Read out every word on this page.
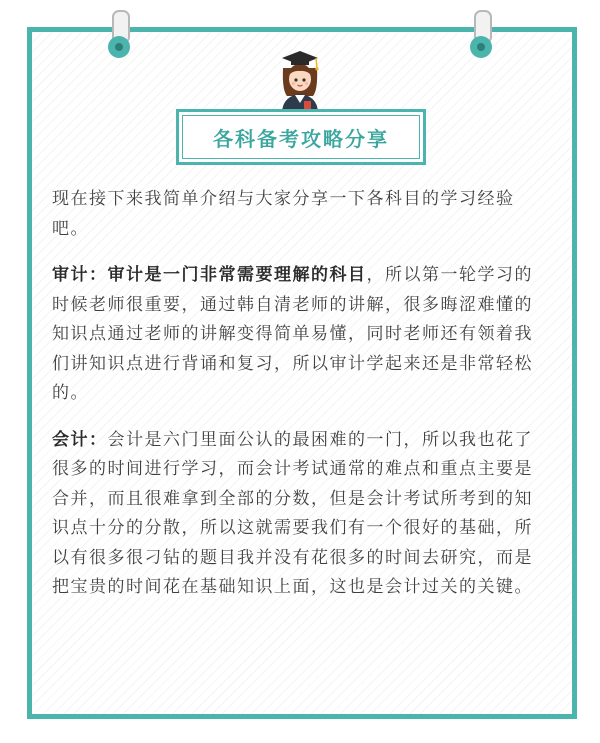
各科备考攻略分享

现在接下来我简单介绍与大家分享一下各科目的学习经验吧。

审计：审计是一门非常需要理解的科目，所以第一轮学习的时候老师很重要，通过韩自清老师的讲解，很多晦涩难懂的知识点通过老师的讲解变得简单易懂，同时老师还有领着我们讲知识点进行背诵和复习，所以审计学起来还是非常轻松的。

会计：会计是六门里面公认的最困难的一门，所以我也花了很多的时间进行学习，而会计考试通常的难点和重点主要是合并，而且很难拿到全部的分数，但是会计考试所考到的知识点十分的分散，所以这就需要我们有一个很好的基础，所以有很多很刁钻的题目我并没有花很多的时间去研究，而是把宝贵的时间花在基础知识上面，这也是会计过关的关键。
